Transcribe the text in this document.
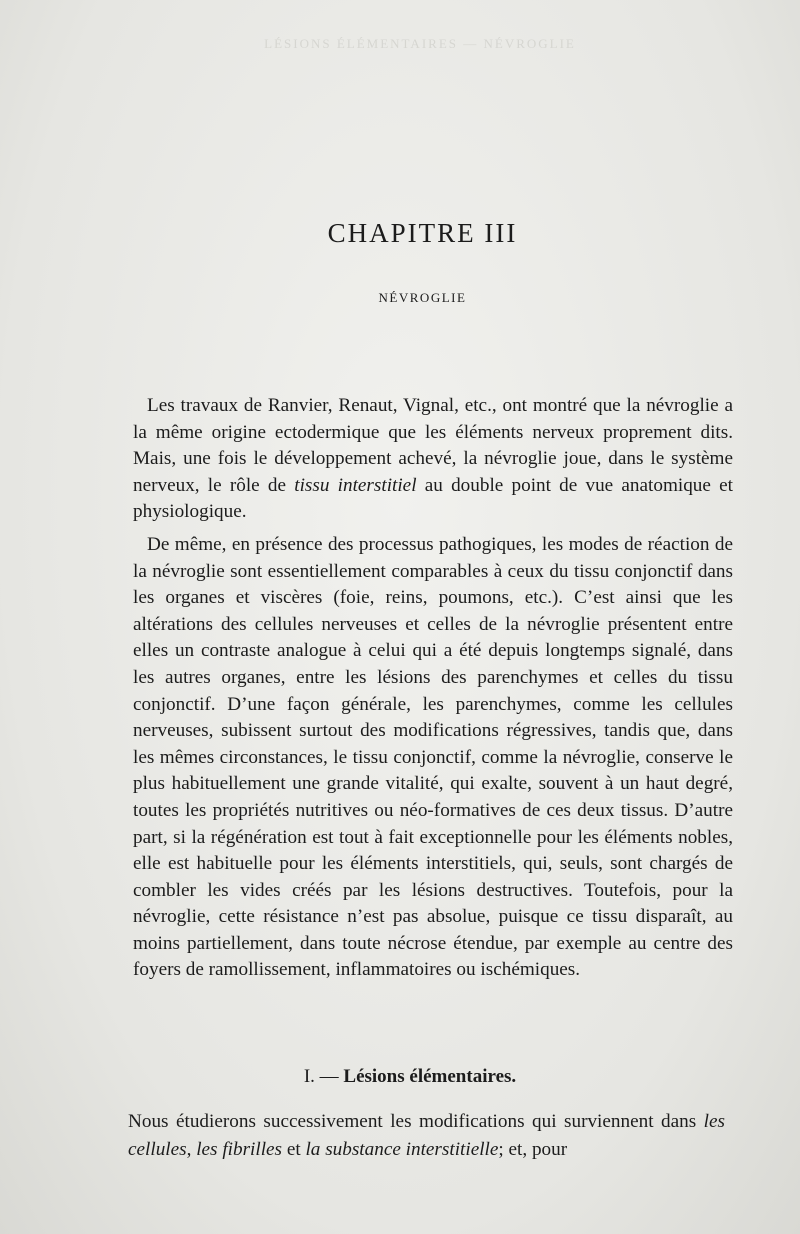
LÉSIONS ÉLÉMENTAIRES — NÉVROGLIE
CHAPITRE III
NÉVROGLIE

Les travaux de Ranvier, Renaut, Vignal, etc., ont montré que la névroglie a la même origine ectodermique que les éléments nerveux proprement dits. Mais, une fois le développement achevé, la névroglie joue, dans le système nerveux, le rôle de tissu interstitiel au double point de vue anatomique et physiologique.

De même, en présence des processus pathogiques, les modes de réaction de la névroglie sont essentiellement comparables à ceux du tissu conjonctif dans les organes et viscères (foie, reins, poumons, etc.). C’est ainsi que les altérations des cellules nerveuses et celles de la névroglie présentent entre elles un contraste analogue à celui qui a été depuis longtemps signalé, dans les autres organes, entre les lésions des parenchymes et celles du tissu conjonctif. D’une façon générale, les parenchymes, comme les cellules nerveuses, subissent surtout des modifications régressives, tandis que, dans les mêmes circonstances, le tissu conjonctif, comme la névroglie, conserve le plus habituellement une grande vitalité, qui exalte, souvent à un haut degré, toutes les propriétés nutritives ou néo-formatives de ces deux tissus. D’autre part, si la régénération est tout à fait exceptionnelle pour les éléments nobles, elle est habituelle pour les éléments interstitiels, qui, seuls, sont chargés de combler les vides créés par les lésions destructives. Toutefois, pour la névroglie, cette résistance n’est pas absolue, puisque ce tissu disparaît, au moins partiellement, dans toute nécrose étendue, par exemple au centre des foyers de ramollissement, inflammatoires ou ischémiques.

I. — Lésions élémentaires.

Nous étudierons successivement les modifications qui surviennent dans les cellules, les fibrilles et la substance interstitielle; et, pour
